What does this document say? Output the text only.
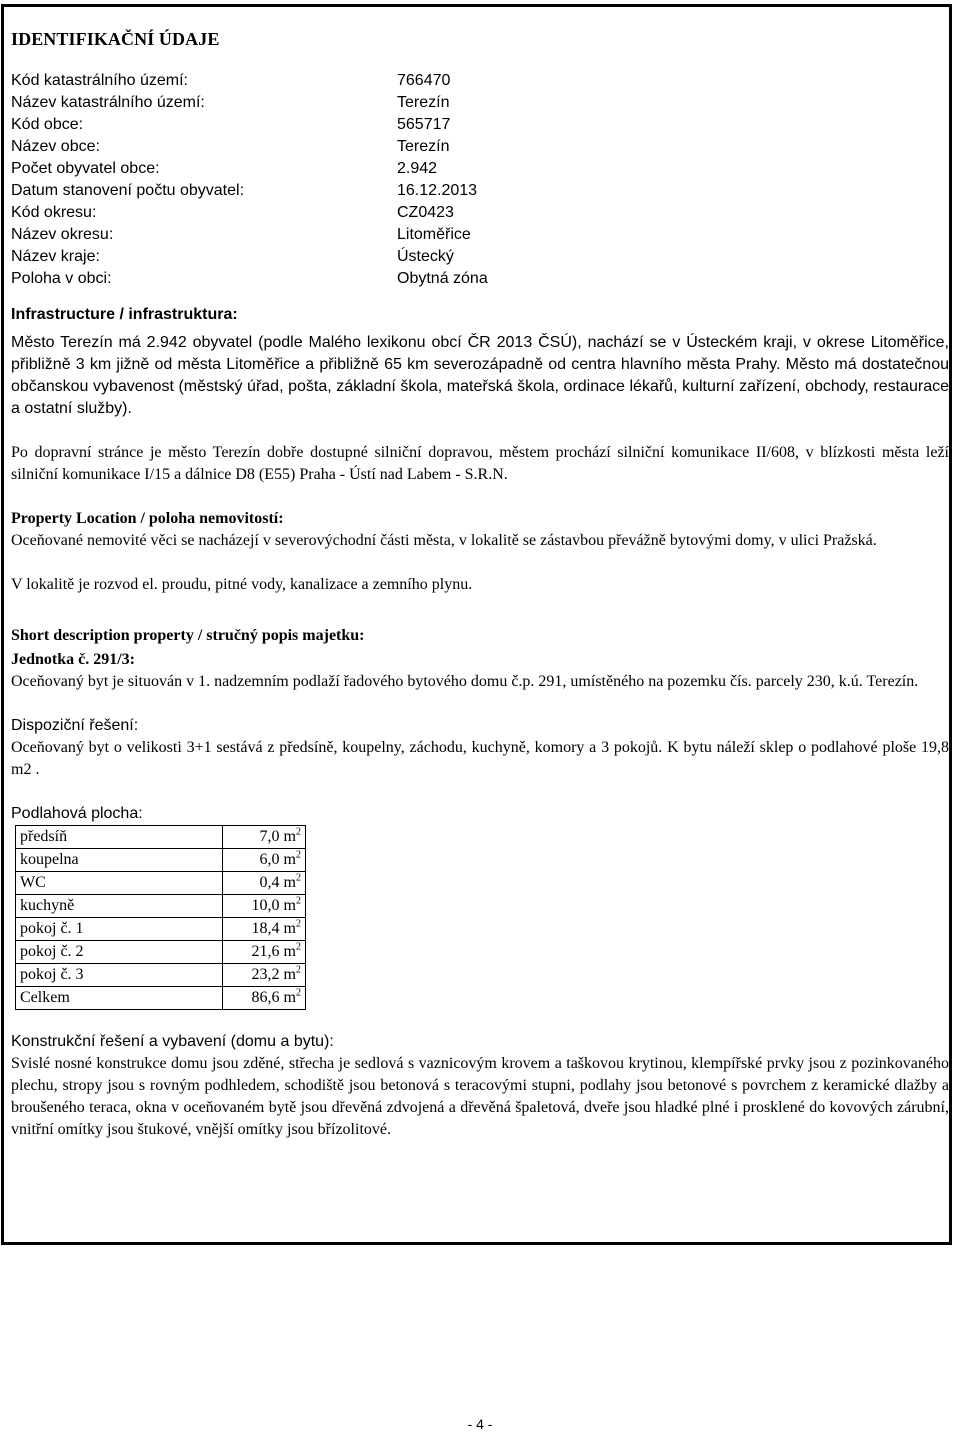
IDENTIFIKAČNÍ ÚDAJE
Kód katastrálního území:	766470
Název katastrálního území:	Terezín
Kód obce:	565717
Název obce:	Terezín
Počet obyvatel obce:	2.942
Datum stanovení počtu obyvatel:	16.12.2013
Kód okresu:	CZ0423
Název okresu:	Litoměřice
Název kraje:	Ústecký
Poloha v obci:	Obytná zóna
Infrastructure / infrastruktura:

Město Terezín má 2.942 obyvatel (podle Malého lexikonu obcí ČR 2013 ČSÚ), nachází se v Ústeckém kraji, v okrese Litoměřice, přibližně 3 km jižně od města Litoměřice a přibližně 65 km severozápadně od centra hlavního města Prahy. Město má dostatečnou občanskou vybavenost (městský úřad, pošta, základní škola, mateřská škola, ordinace lékařů, kulturní zařízení, obchody, restaurace a ostatní služby).

Po dopravní stránce je město Terezín dobře dostupné silniční dopravou, městem prochází silniční komunikace II/608, v blízkosti města leží silniční komunikace I/15 a dálnice D8 (E55) Praha - Ústí nad Labem - S.R.N.

Property Location / poloha nemovitostí:

Oceňované nemovité věci se nacházejí v severovýchodní části města, v lokalitě se zástavbou převážně bytovými domy, v ulici Pražská.

V lokalitě je rozvod el. proudu, pitné vody, kanalizace a zemního plynu.

Short description property / stručný popis majetku:
Jednotka č. 291/3:

Oceňovaný byt je situován v 1. nadzemním podlaží řadového bytového domu č.p. 291, umístěného na pozemku čís. parcely 230, k.ú. Terezín.

Dispoziční řešení:

Oceňovaný byt o velikosti 3+1 sestává z předsíně, koupelny, záchodu, kuchyně, komory a 3 pokojů. K bytu náleží sklep o podlahové ploše 19,8 m2 .

Podlahová plocha:
předsíň	7,0 $m^2$
koupelna	6,0 $m^2$
WC	0,4 $m^2$
kuchyně	10,0 $m^2$
pokoj č. 1	18,4 $m^2$
pokoj č. 2	21,6 $m^2$
pokoj č. 3	23,2 $m^2$
Celkem	86,6 $m^2$
Konstrukční řešení a vybavení (domu a bytu):

Svislé nosné konstrukce domu jsou zděné, střecha je sedlová s vaznicovým krovem a taškovou krytinou, klempířské prvky jsou z pozinkovaného plechu, stropy jsou s rovným podhledem, schodiště jsou betonová s teracovými stupni, podlahy jsou betonové s povrchem z keramické dlažby a broušeného teraca, okna v oceňovaném bytě jsou dřevěná zdvojená a dřevěná špaletová, dveře jsou hladké plné i prosklené do kovových zárubní, vnitřní omítky jsou štukové, vnější omítky jsou břízolitové.

- 4 -
